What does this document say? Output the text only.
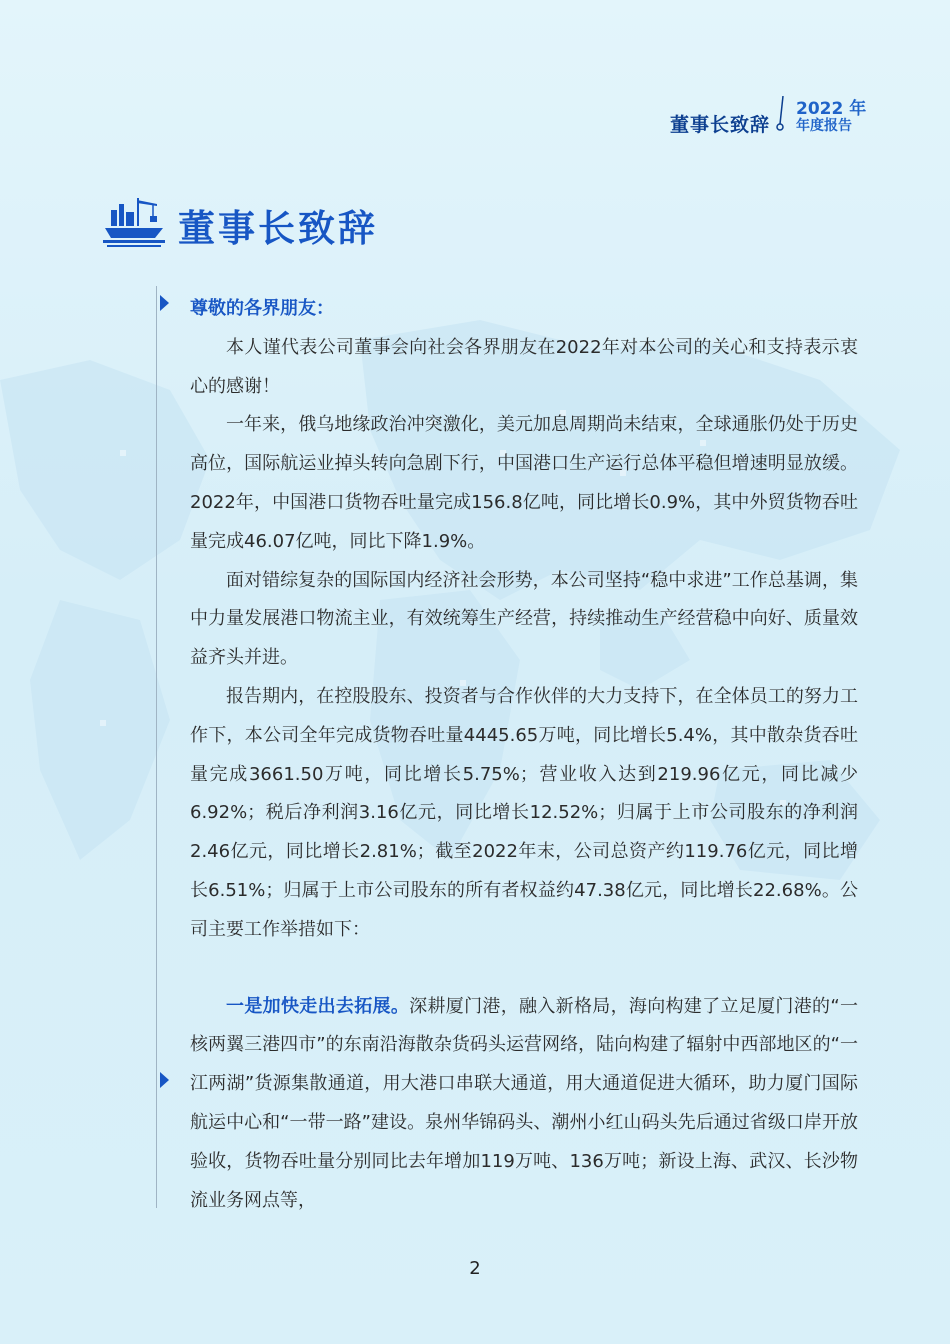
董事长致辞
2022 年
年度报告
董事长致辞

尊敬的各界朋友：

本人谨代表公司董事会向社会各界朋友在2022年对本公司的关心和支持表示衷心的感谢！

一年来，俄乌地缘政治冲突激化，美元加息周期尚未结束，全球通胀仍处于历史高位，国际航运业掉头转向急剧下行，中国港口生产运行总体平稳但增速明显放缓。2022年，中国港口货物吞吐量完成156.8亿吨，同比增长0.9%，其中外贸货物吞吐量完成46.07亿吨，同比下降1.9%。

面对错综复杂的国际国内经济社会形势，本公司坚持“稳中求进”工作总基调，集中力量发展港口物流主业，有效统筹生产经营，持续推动生产经营稳中向好、质量效益齐头并进。

报告期内，在控股股东、投资者与合作伙伴的大力支持下，在全体员工的努力工作下，本公司全年完成货物吞吐量4445.65万吨，同比增长5.4%，其中散杂货吞吐量完成3661.50万吨，同比增长5.75%；营业收入达到219.96亿元，同比减少6.92%；税后净利润3.16亿元，同比增长12.52%；归属于上市公司股东的净利润2.46亿元，同比增长2.81%；截至2022年末，公司总资产约119.76亿元，同比增长6.51%；归属于上市公司股东的所有者权益约47.38亿元，同比增长22.68%。公司主要工作举措如下：

一是加快走出去拓展。深耕厦门港，融入新格局，海向构建了立足厦门港的“一核两翼三港四市”的东南沿海散杂货码头运营网络，陆向构建了辐射中西部地区的“一江两湖”货源集散通道，用大港口串联大通道，用大通道促进大循环，助力厦门国际航运中心和“一带一路”建设。泉州华锦码头、潮州小红山码头先后通过省级口岸开放验收，货物吞吐量分别同比去年增加119万吨、136万吨；新设上海、武汉、长沙物流业务网点等，

2
